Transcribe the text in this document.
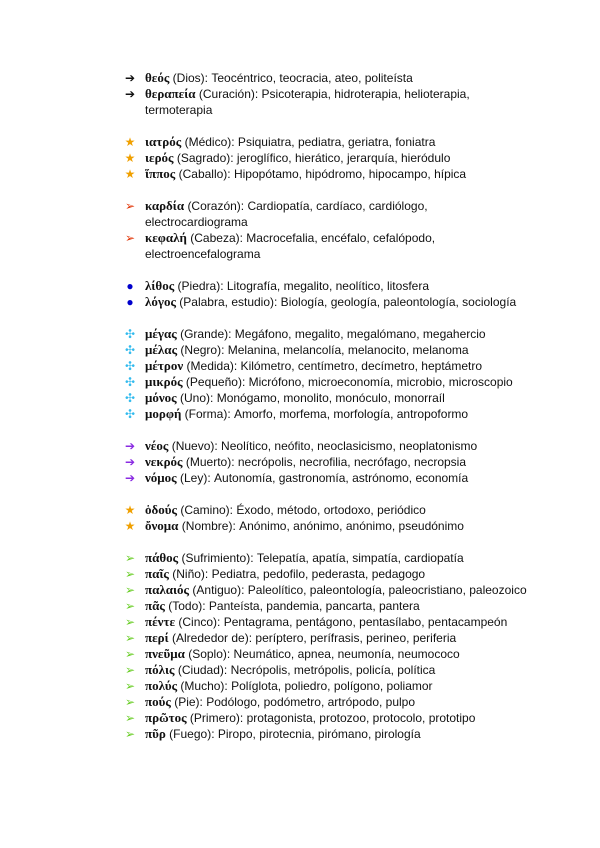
➔ θεός (Dios): Teocéntrico, teocracia, ateo, politeísta
➔ θεραπεία (Curación): Psicoterapia, hidroterapia, helioterapia, termoterapia
★ ιατρός (Médico): Psiquiatra, pediatra, geriatra, foniatra
★ ιερός (Sagrado): jeroglífico, hierático, jerarquía, hieródulo
★ ἵππος (Caballo): Hipopótamo, hipódromo, hipocampo, hípica
➢ καρδία (Corazón): Cardiopatía, cardíaco, cardiólogo, electrocardiograma
➢ κεφαλή (Cabeza): Macrocefalia, encéfalo, cefalópodo, electroencefalograma
● λίθος (Piedra): Litografía, megalito, neolítico, litosfera
● λόγος (Palabra, estudio): Biología, geología, paleontología, sociología
✣ μέγας (Grande): Megáfono, megalito, megalómano, megahercio
✣ μέλας (Negro): Melanina, melancolía, melanocito, melanoma
✣ μέτρον (Medida): Kilómetro, centímetro, decímetro, heptámetro
✣ μικρός (Pequeño): Micrófono, microeconomía, microbio, microscopio
✣ μόνος (Uno): Monógamo, monolito, monóculo, monorraíl
✣ μορφή (Forma): Amorfo, morfema, morfología, antropoformo
➔ νέος (Nuevo): Neolítico, neófito, neoclasicismo, neoplatonismo
➔ νεκρός (Muerto): necrópolis, necrofilia, necrófago, necropsia
➔ νόμος (Ley): Autonomía, gastronomía, astrónomo, economía
★ ὁδούς (Camino): Éxodo, método, ortodoxo, periódico
★ ὄνομα (Nombre): Anónimo, anónimo, anónimo, pseudónimo
➢ πάθος (Sufrimiento): Telepatía, apatía, simpatía, cardiopatía
➢ παῖς (Niño): Pediatra, pedofilo, pederasta, pedagogo
➢ παλαιός (Antiguo): Paleolítico, paleontología, paleocristiano, paleozoico
➢ πᾶς (Todo): Panteísta, pandemia, pancarta, pantera
➢ πέντε (Cinco): Pentagrama, pentágono, pentasílabo, pentacampeón
➢ περί (Alrededor de): períptero, perífrasis, perineo, periferia
➢ πνεῦμα (Soplo): Neumático, apnea, neumonía, neumococo
➢ πόλις (Ciudad): Necrópolis, metrópolis, policía, política
➢ πολύς (Mucho): Políglota, poliedro, polígono, poliamor
➢ πούς (Pie): Podólogo, podómetro, artrópodo, pulpo
➢ πρῶτος (Primero): protagonista, protozoo, protocolo, prototipo
➢ πῦρ (Fuego): Piropo, pirotecnia, pirómano, pirología
